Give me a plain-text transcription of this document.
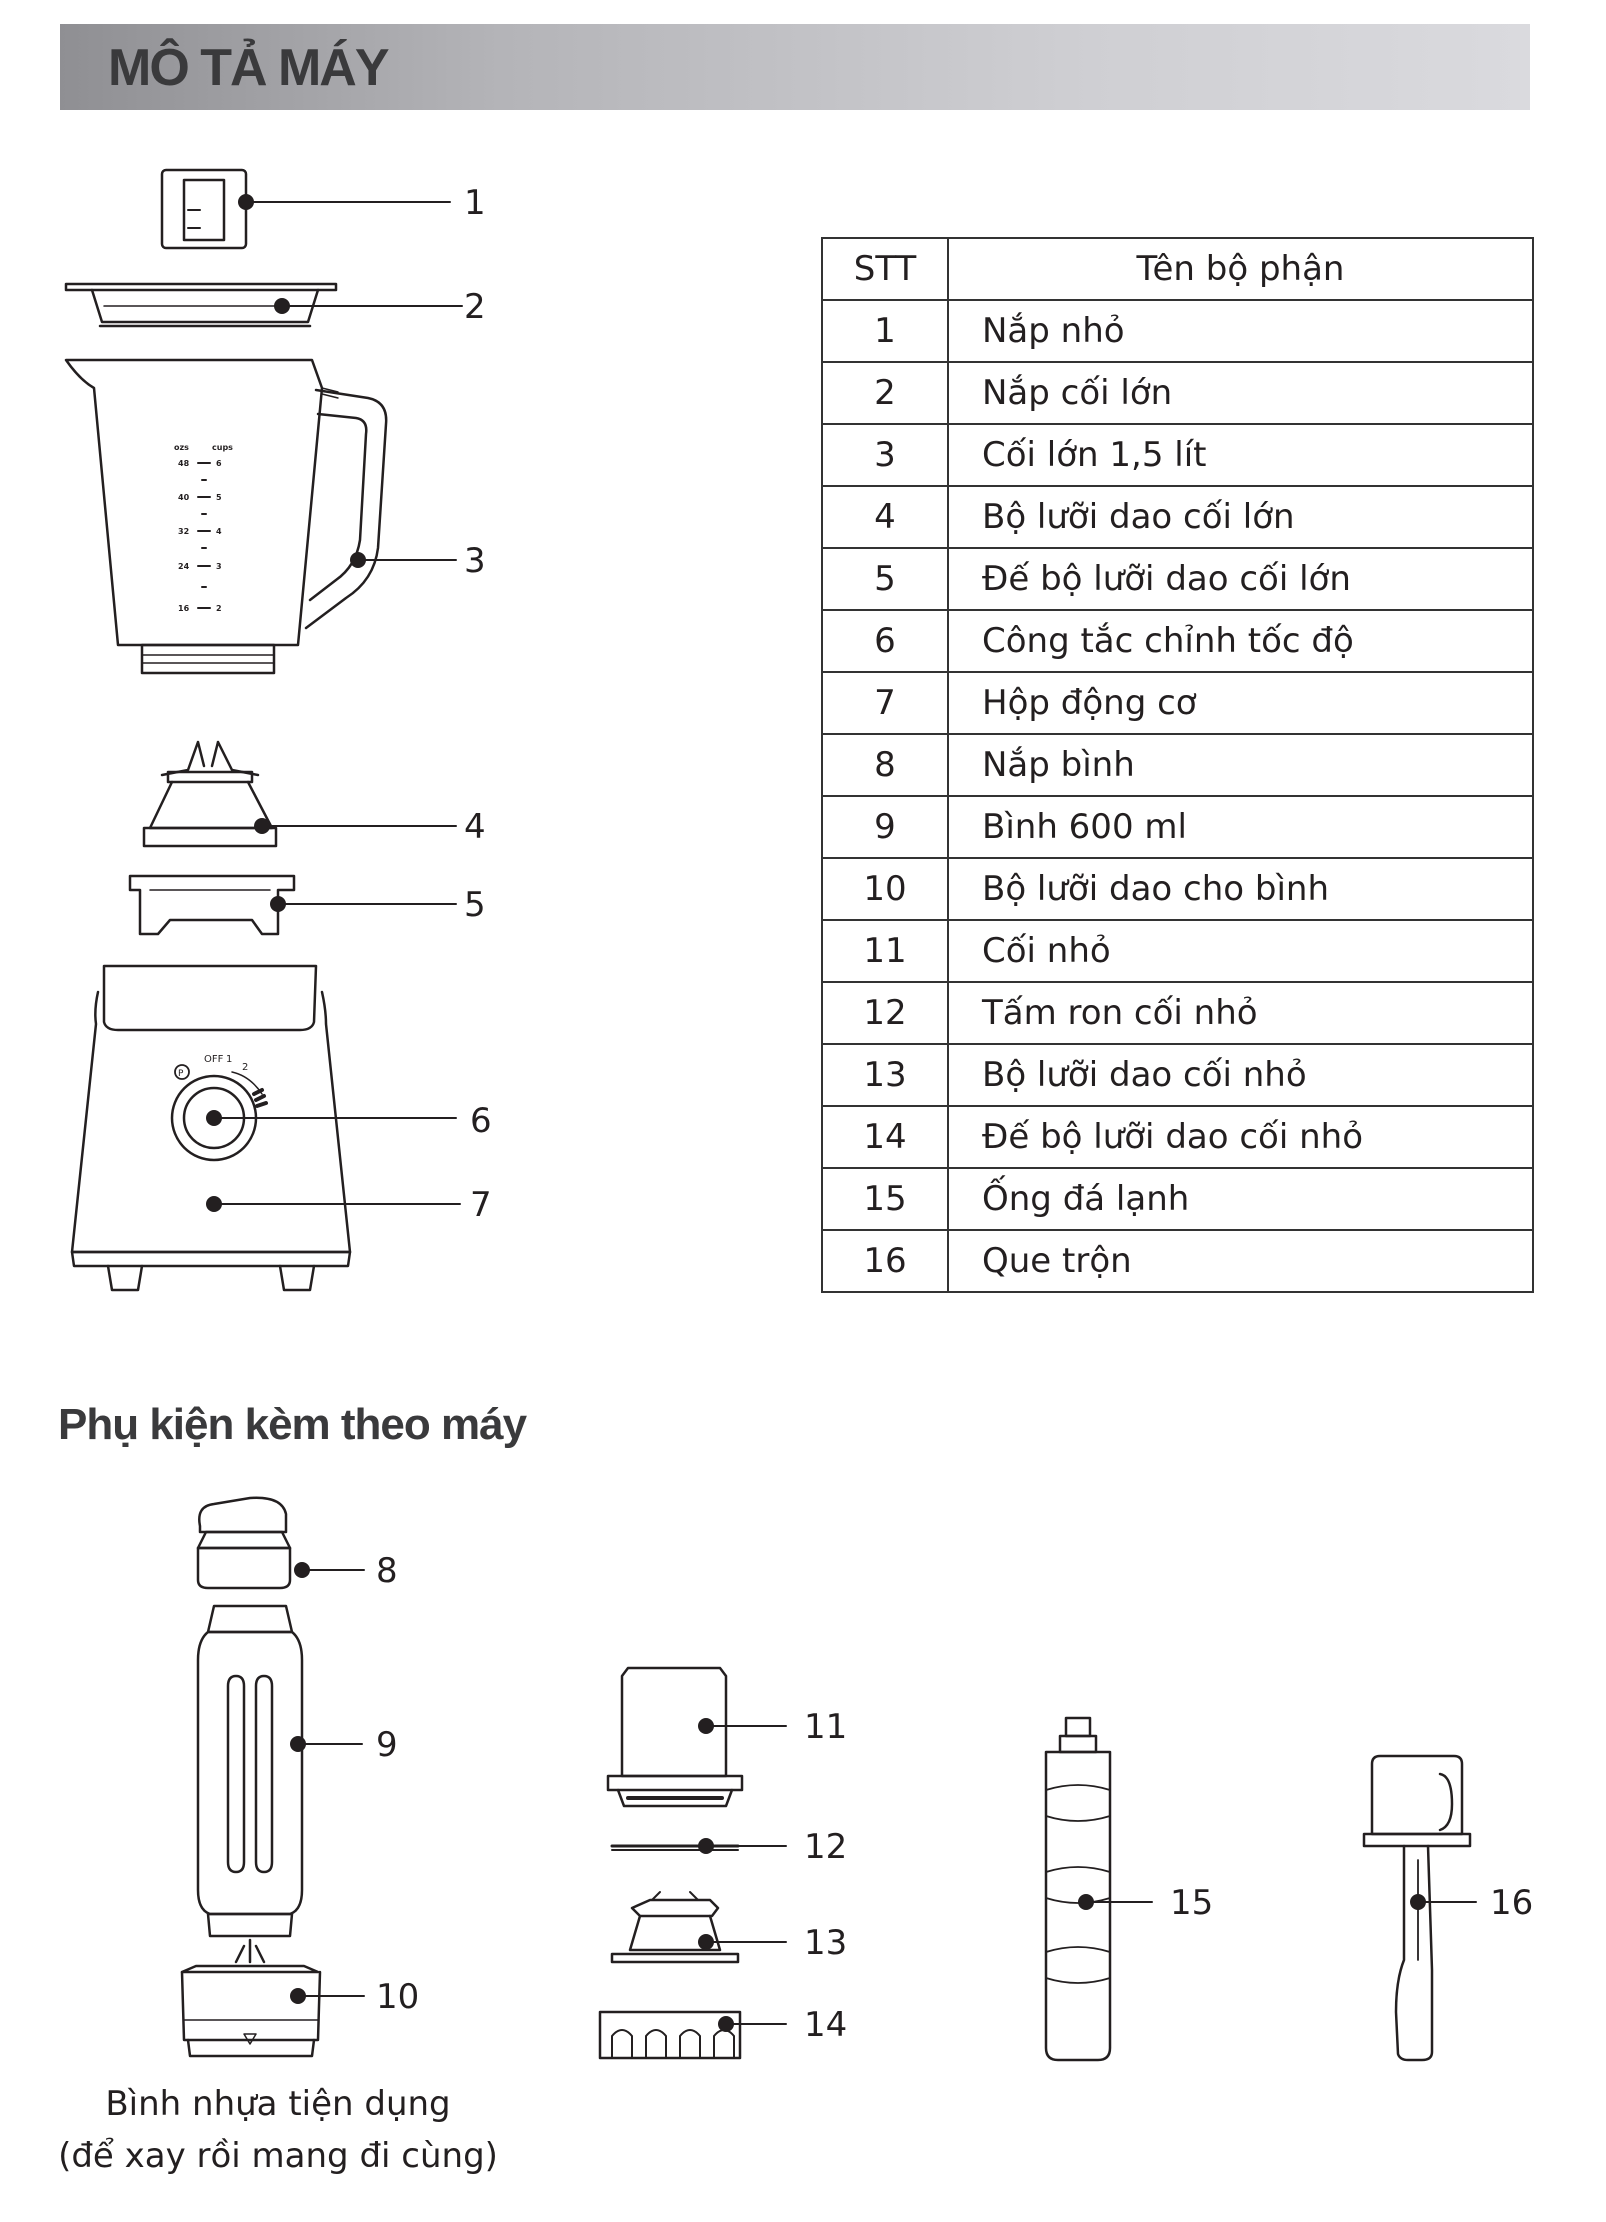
MÔ TẢ MÁY
OFF 1
2
P
ozs	cups
48	6
40	5
32	4
24	3
16	2
1
2
3
4
5
6
7
8
9
10
11
12
13
14
15	16
STT	Tên bộ phận
1	Nắp nhỏ
2	Nắp cối lớn
3	Cối lớn 1,5 lít
4	Bộ lưỡi dao cối lớn
5	Đế bộ lưỡi dao cối lớn
6	Công tắc chỉnh tốc độ
7	Hộp động cơ
8	Nắp bình
9	Bình 600 ml
10	Bộ lưỡi dao cho bình
11	Cối nhỏ
12	Tấm ron cối nhỏ
13	Bộ lưỡi dao cối nhỏ
14	Đế bộ lưỡi dao cối nhỏ
15	Ống đá lạnh
16	Que trộn
Phụ kiện kèm theo máy
Bình nhựa tiện dụng
(để xay rồi mang đi cùng)
